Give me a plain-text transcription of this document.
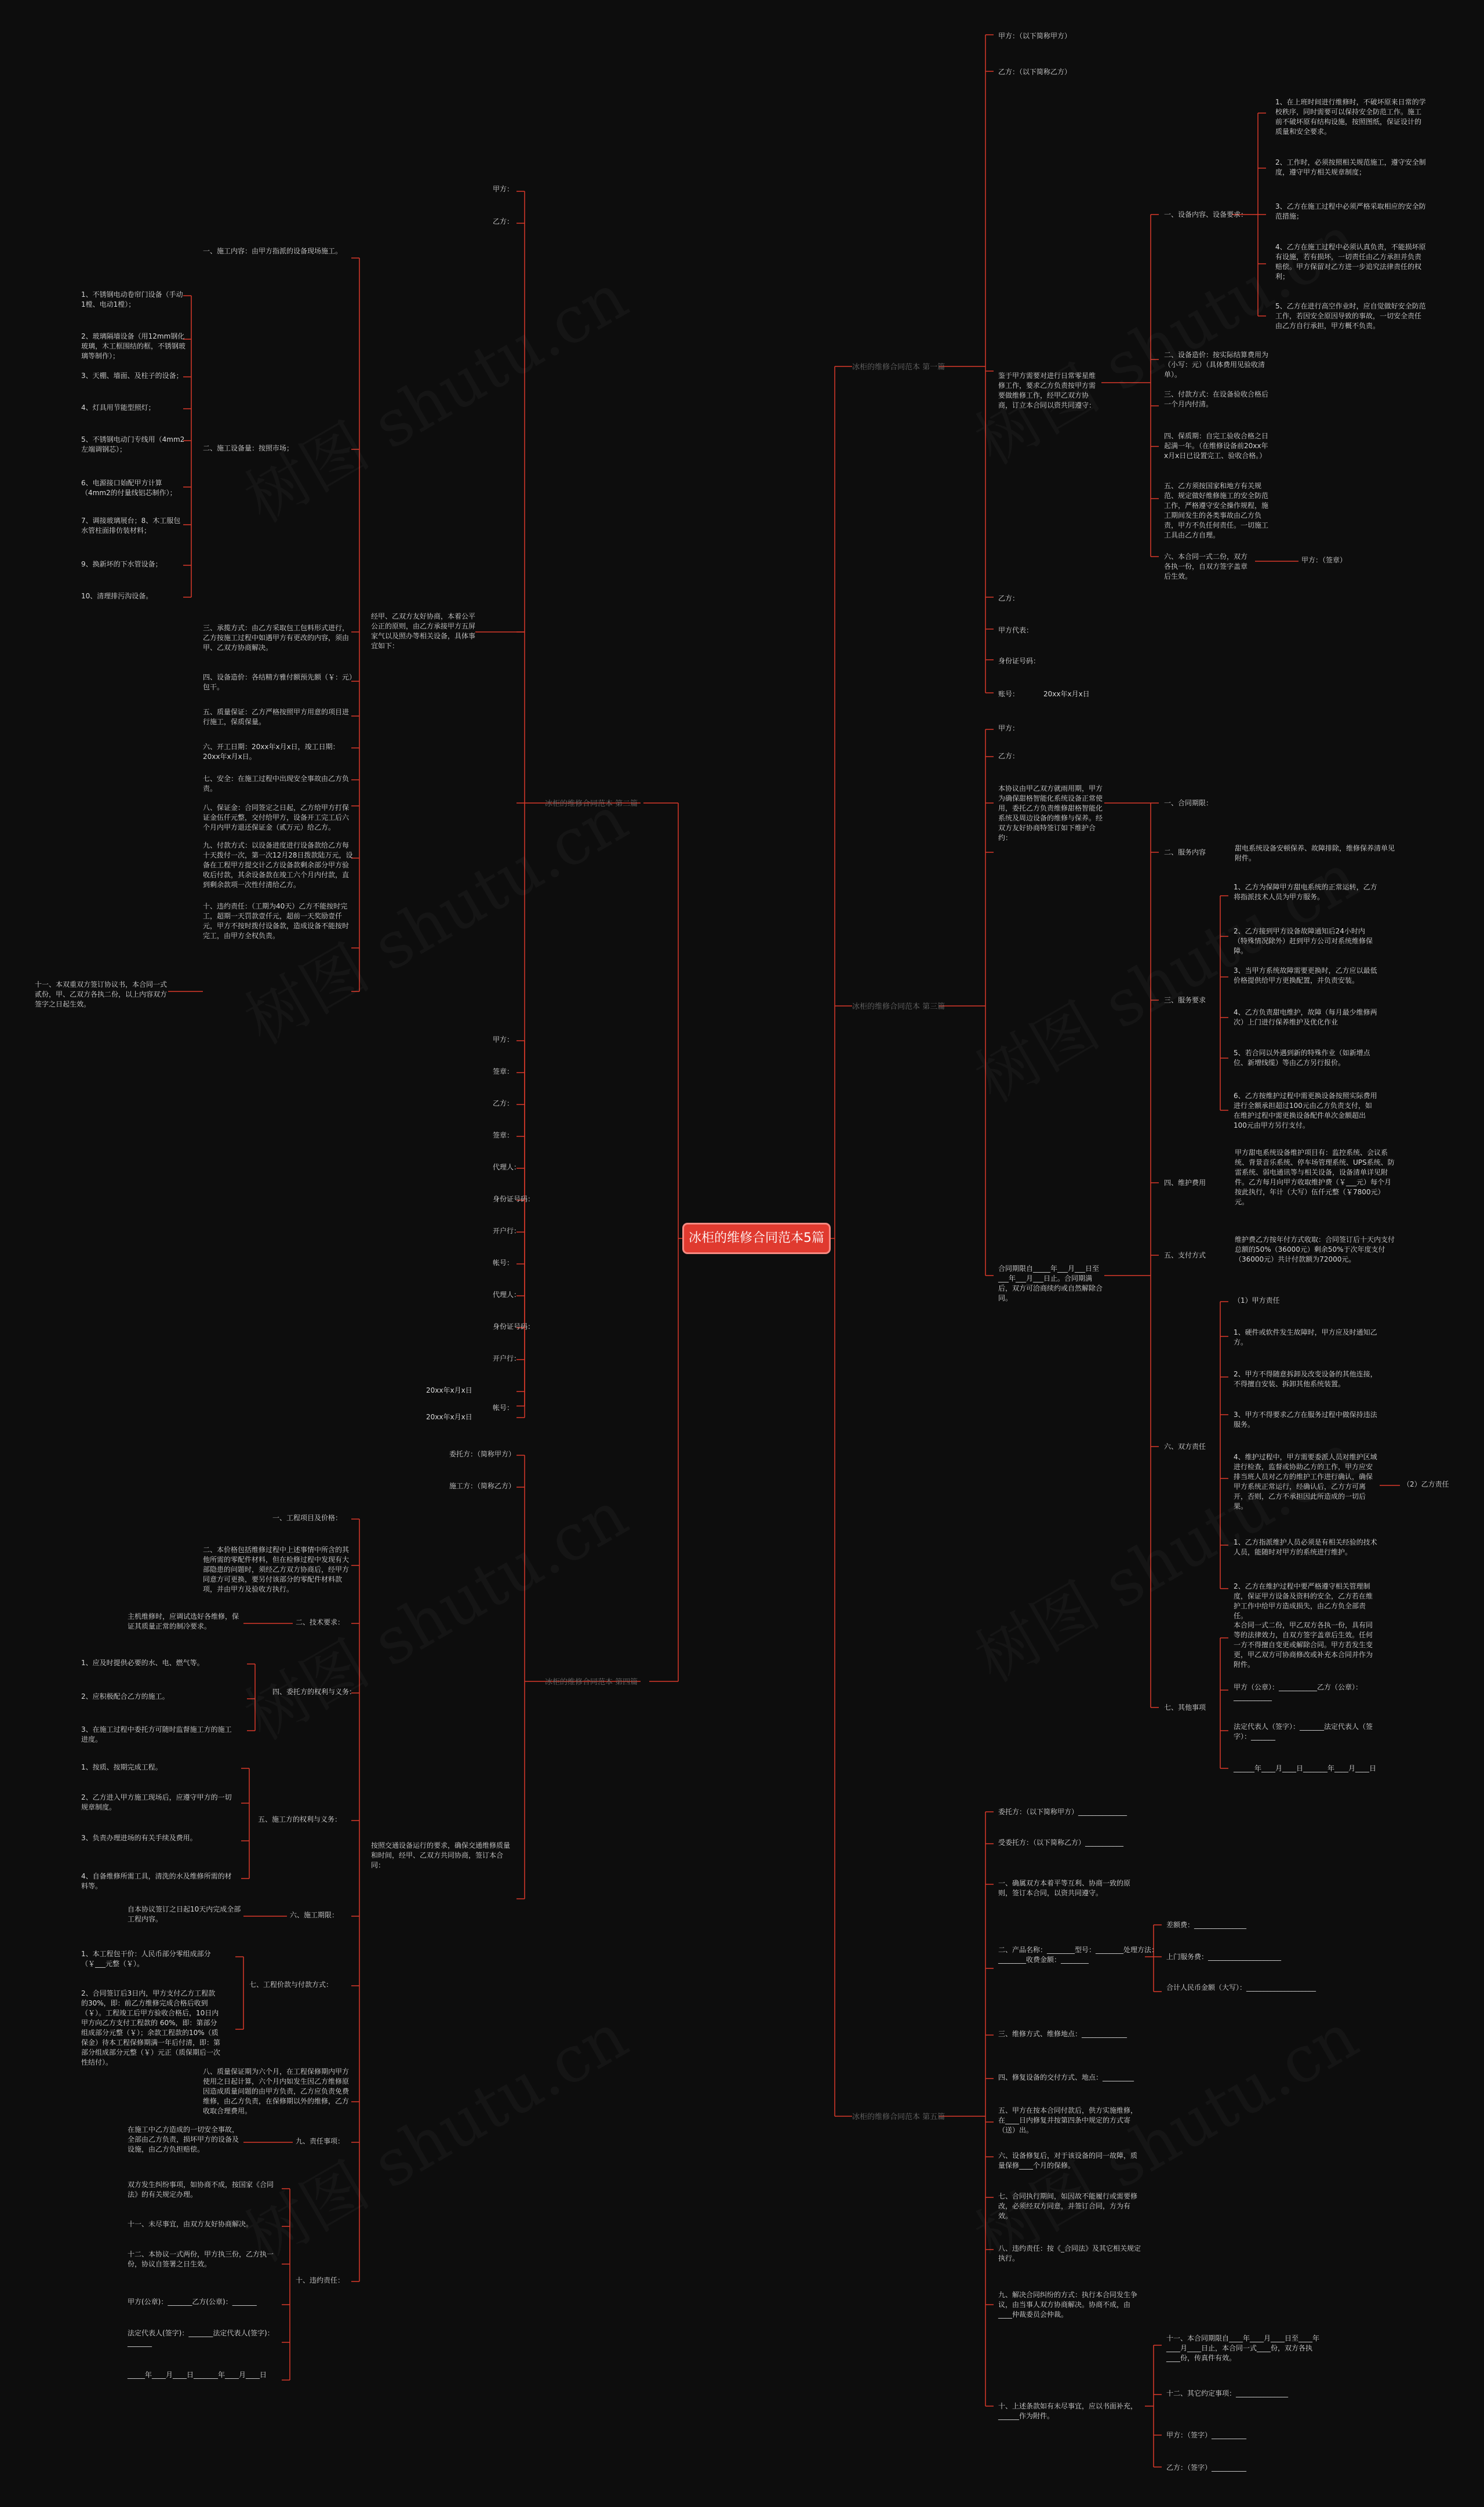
冰柜的维修合同范本5篇
冰柜的维修合同范本 第一篇
冰柜的维修合同范本 第二篇
冰柜的维修合同范本 第三篇
冰柜的维修合同范本 第四篇
冰柜的维修合同范本 第五篇
甲方：（以下简称甲方）
乙方：（以下简称乙方）
鉴于甲方需要对进行日常零星维修工作，要求乙方负责按甲方需要做维修工作，经甲乙双方协商，订立本合同以资共同遵守：
乙方：
甲方代表：
身份证号码：
账号：	20xx年x月x日
一、设备内容、设备要求：
二、设备造价：按实际结算费用为（小写：元）（具体费用见验收清单）。
三、付款方式：在设备验收合格后一个月内付清。
四、保质期：自完工验收合格之日起满一年。（在维修设备前20xx年x月x日已设置完工、验收合格。）
五、乙方须按国家和地方有关规范、规定做好维修施工的安全防范工作，严格遵守安全操作规程，施工期间发生的各类事故由乙方负责，甲方不负任何责任。一切施工工具由乙方自理。
六、本合同一式二份，双方各执一份，自双方签字盖章后生效。
甲方：（签章）
1、在上班时间进行维修时，不破坏原来日常的学校秩序，同时需要可以保持安全防范工作。施工前不破坏原有结构设施，按照图纸，保证设计的质量和安全要求。
2、工作时，必须按照相关规范施工，遵守安全制度，遵守甲方相关规章制度；
3、乙方在施工过程中必须严格采取相应的安全防范措施；
4、乙方在施工过程中必须认真负责，不能损坏原有设施，若有损坏，一切责任由乙方承担并负责赔偿。甲方保留对乙方进一步追究法律责任的权利；
5、乙方在进行高空作业时，应自觉做好安全防范工作，若因安全原因导致的事故，一切安全责任由乙方自行承担，甲方概不负责。
甲方：
乙方：
经甲、乙双方友好协商，本着公平公正的原则，由乙方承接甲方五屏家气以及照办等相关设备，具体事宜如下：
20xx年x月x日
20xx年x月x日
甲方：
签章：
乙方：
签章：
代理人：
身份证号码：
开户行：
帐号：
代理人：
身份证号码：
开户行：
帐号：
一、施工内容：由甲方指派的设备现场施工。
二、施工设备量：按照市场；
三、承揽方式：由乙方采取包工包料形式进行，乙方按施工过程中如遇甲方有更改的内容，须由甲、乙双方协商解决。
四、设备造价：各结精方雅付额预先额（￥：元）包干。
五、质量保证：乙方严格按照甲方用意的项目进行施工，保质保量。
六、开工日期：20xx年x月x日，竣工日期：20xx年x月x日。
七、安全：在施工过程中出现安全事故由乙方负责。
八、保证金：合同签定之日起，乙方给甲方打保证金伍仟元整，交付给甲方，设备开工完工后六个月内甲方退还保证金（贰万元）给乙方。
九、付款方式：以设备进度进行设备款给乙方每十天拨付一次，第一次12月28日拨款陆万元，设备在工程甲方提交计乙方设备款剩余部分甲方验收后付款，其余设备款在竣工六个月内付款，直到剩余款项一次性付清给乙方。
十、违约责任：（工期为40天）乙方不能按时完工，超期一天罚款壹仟元，超前一天奖励壹仟元，甲方不按时拨付设备款，造成设备不能按时完工，由甲方全权负责。
十一、本双重双方签订协议书，本合同一式贰份，甲、乙双方各执二份，以上内容双方签字之日起生效。
1、不锈钢电动卷帘门设备（手动1樘、电动1樘）；
2、玻璃隔墙设备（用12mm钢化玻璃，木工框围结的框，不锈钢玻璃等制作）；
3、天棚、墙面、及柱子的设备；
4、灯具用节能型照灯；
5、不锈钢电动门专线用（4mm2左端调钢芯）；
6、电源接口始配甲方计算（4mm2的付量线铝芯制作）；
7、调接玻璃展台；8、木工服包水管柱面排仿装材料；
9、换新坏的下水管设备；
10、清理排污沟设备。
甲方：
乙方：
本协议由甲乙双方就雨用期，甲方为确保甜格智能化系统设备正常使用，委托乙方负责维修甜格智能化系统及周边设备的维修与保养。经双方友好协商特签订如下维护合约：
合同期限自_____年___月___日至___年___月___日止。合同期满后，双方可洽商续约或自然解除合同。
一、合同期限：
二、服务内容	甜电系统设备安顿保养、故障排除，维修保养清单见附件。
三、服务要求
四、维护费用
甲方甜电系统设备维护项目有：监控系统、会议系统、背景音乐系统、停车场管理系统、UPS系统、防雷系统、弱电通讯等与相关设备，设备清单详见附件。乙方每月向甲方收取维护费（￥___元）每个月按此执行，年计（大写）伍仟元整（￥7800元）元。
五、支付方式
维护费乙方按年付方式收取：合同签订后十天内支付总额的50%（36000元）剩余50%于次年度支付（36000元）共计付款额为72000元。
六、双方责任
七、其他事项
1、乙方为保障甲方甜电系统的正常运转，乙方将指派技术人员为甲方服务。
2、乙方接到甲方设备故障通知后24小时内（特殊情况除外）赶到甲方公司对系统维修保障。
3、当甲方系统故障需要更换时，乙方应以最低价格提供给甲方更换配置，并负责安装。
4、乙方负责甜电维护，故障（每月最少维修两次）上门进行保养维护及优化作业
5、若合同以外遇到新的特殊作业（如新增点位、新增线缆）等由乙方另行报价。
6、乙方按维护过程中需更换设备按照实际费用进行全额承担超过100元由乙方负责支付，如在维护过程中需更换设备配件单次金额超出100元由甲方另行支付。
（1）甲方责任
1、硬件或软件发生故障时，甲方应及时通知乙方。
2、甲方不得随意拆卸及改变设备的其他连接，不得擅自安装、拆卸其他系统装置。
3、甲方不得要求乙方在服务过程中做保持违法服务。
4、维护过程中，甲方需要委派人员对维护区域进行检查，监督或协助乙方的工作，甲方应安排当班人员对乙方的维护工作进行确认，确保甲方系统正常运行，经确认后，乙方方可离开，否则，乙方不承担因此所造成的一切后果。
1、乙方指派维护人员必须是有相关经验的技术人员，能随时对甲方的系统进行维护。
2、乙方在维护过程中要严格遵守相关管理制度，保证甲方设备及资料的安全，乙方若在维护工作中给甲方造成损失，由乙方负全部责任。
（2）乙方责任
本合同一式二份，甲乙双方各执一份，具有同等的法律效力，自双方签字盖章后生效。任何一方不得擅自变更或解除合同。甲方若发生变更，甲乙双方可协商修改或补充本合同并作为附件。
甲方（公章）：___________乙方（公章）：___________
法定代表人（签字）：_______法定代表人（签字）：_______
______年____月____日_______年____月____日
委托方：（简称甲方）
施工方：（简称乙方）
按照交通设备运行的要求，确保交通维修质量和时间，经甲、乙双方共同协商，签订本合同：
一、工程项目及价格：
二、本价格包括维修过程中上述事情中所含的其他所需的零配件材料，但在检修过程中发现有大部隐患的问题时，须经乙方双方协商后，经甲方同意方可更换，要另付该部分的零配件材料款项，并由甲方及验收方执行。
二、技术要求：
主机维修时，应调试选好各维修，保证其质量正常的制冷要求。
四、委托方的权利与义务：
五、施工方的权利与义务：
六、施工期限：
自本协议签订之日起10天内完成全部工程内容。
七、工程价款与付款方式：
八、质量保证期为六个月，在工程保修期内甲方使用之日起计算，六个月内如发生因乙方维修原因造成质量问题的由甲方负责，乙方应负责免费维修，由乙方负责，在保修期以外的维修，乙方收取合理费用。
九、责任事项：
在施工中乙方造成的一切安全事故，全部由乙方负责，损坏甲方的设备及设施，由乙方负担赔偿。
十、违约责任：
1、应及时提供必要的水、电、燃气等。
2、应积极配合乙方的施工。
3、在施工过程中委托方可随时监督施工方的施工进度。
1、按质、按期完成工程。
2、乙方进入甲方施工现场后，应遵守甲方的一切规章制度。
3、负责办理进场的有关手续及费用。
4、自备维修所需工具，清洗的水及维修所需的材料等。
1、本工程包干价：人民币部分零组成部分（￥___元整（￥）。
2、合同签订后3日内，甲方支付乙方工程款的30%，即：前乙方维修完成合格后收到（￥）。工程竣工后甲方验收合格后，10日内甲方向乙方支付工程款的 60%，即：第部分组成部分元整（￥）；余款工程款的10%（质保金）待本工程保修期满一年后付清，即：第部分组成部分元整（￥）元正（质保期后一次性结付）。
双方发生纠纷事项，如协商不成，按国家《合同法》的有关规定办理。
十一、未尽事宜，由双方友好协商解决。
十二、本协议一式两份，甲方执三份，乙方执一份，协议自签署之日生效。
甲方(公章)：_______乙方(公章)：_______
法定代表人(签字)：_______法定代表人(签字)：_______
_____年____月____日_______年____月____日
委托方：（以下简称甲方）______________
受委托方：（以下简称乙方）___________
一、确属双方本着平等互利、协商一致的原则，签订本合同，以资共同遵守。
二、产品名称：________型号：________处理方法：________收费金额：________
三、维修方式、维修地点：_____________
四、修复设备的交付方式、地点：_________
五、甲方在按本合同付款后，供方实施维修，在____日内修复并按第四条中规定的方式寄（送）出。
六、设备修复后，对于该设备的同一故障，质量保修____个月的保修。
七、合同执行期间，如因故不能履行或需要修改，必须经双方同意，并签订合同，方为有效。
八、违约责任：按《_合同法》及其它相关规定执行。
九、解决合同纠纷的方式：执行本合同发生争议，由当事人双方协商解决。协商不成，由____仲裁委员会仲裁。
十、上述条款如有未尽事宜，应以书面补充，______作为附件。
差额费：_______________
上门服务费：_____________________
合计人民币金额（大写）：____________________
十一、本合同期限自____年____月____日至____年____月____日止，本合同一式____份，双方各执____份，传真件有效。
十二、其它约定事项：_______________
甲方：（签字）__________
乙方：（签字）__________
